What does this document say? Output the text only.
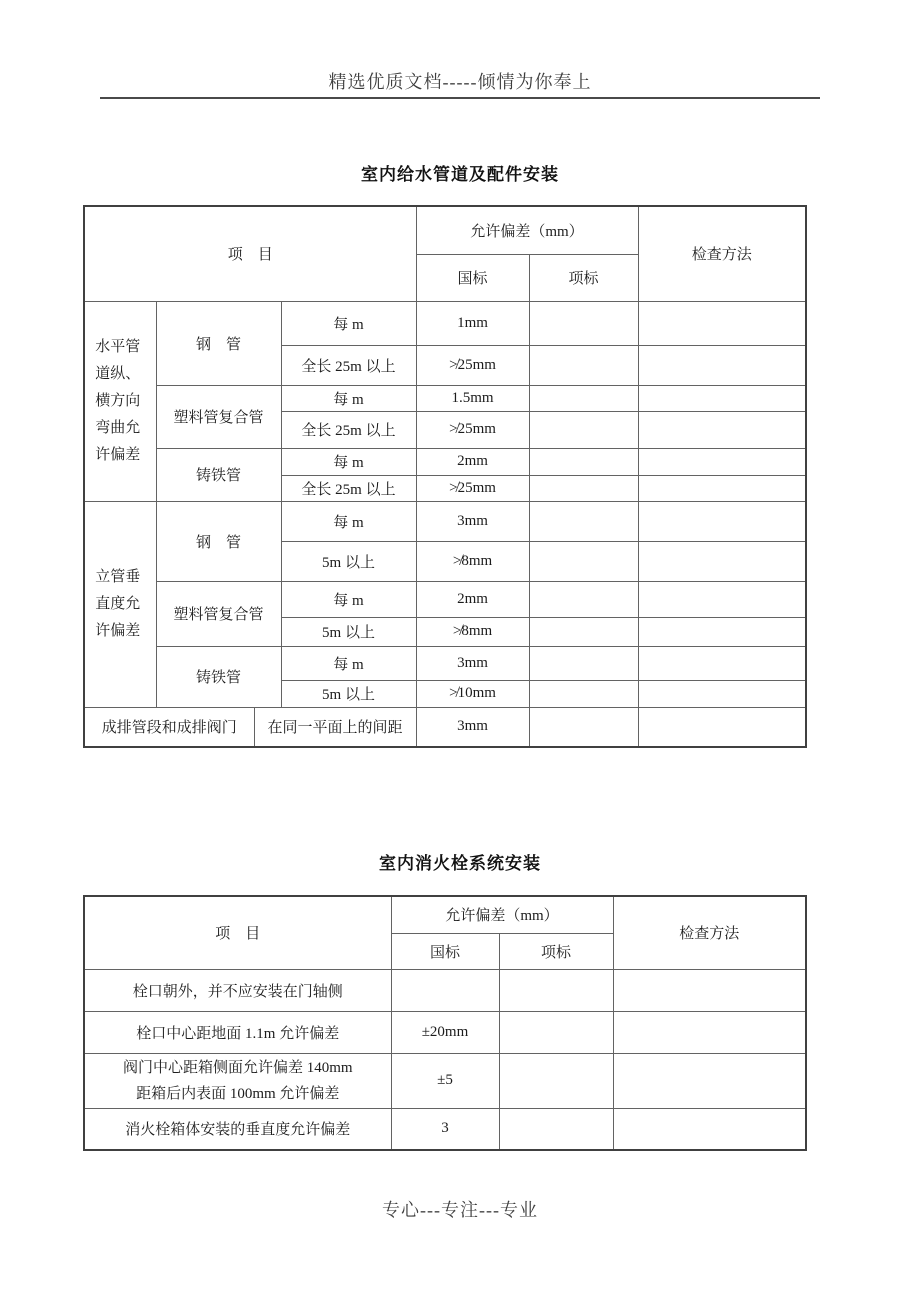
精选优质文档-----倾情为你奉上
室内给水管道及配件安装
项　目				允许偏差（mm）		检查方法
				国标	项标	
水平管道纵、横方向弯曲允许偏差	钢　管		每 m	1mm		
			全长 25m 以上	≯25mm		
	塑料管复合管		每 m	1.5mm		
			全长 25m 以上	≯25mm		
	铸铁管		每 m	2mm		
			全长 25m 以上	≯25mm		
立管垂直度允许偏差	钢　管		每 m	3mm		
			5m 以上	≯8mm		
	塑料管复合管		每 m	2mm		
			5m 以上	≯8mm		
	铸铁管		每 m	3mm		
			5m 以上	≯10mm		
成排管段和成排阀门		在同一平面上的间距		3mm		
室内消火栓系统安装
项　目	允许偏差（mm）		检查方法
	国标	项标	
栓口朝外，并不应安装在门轴侧			
栓口中心距地面 1.1m 允许偏差	±20mm		

阀门中心距箱侧面允许偏差 140mm
距箱后内表面 100mm 允许偏差	±5		
消火栓箱体安装的垂直度允许偏差	3		
专心---专注---专业
